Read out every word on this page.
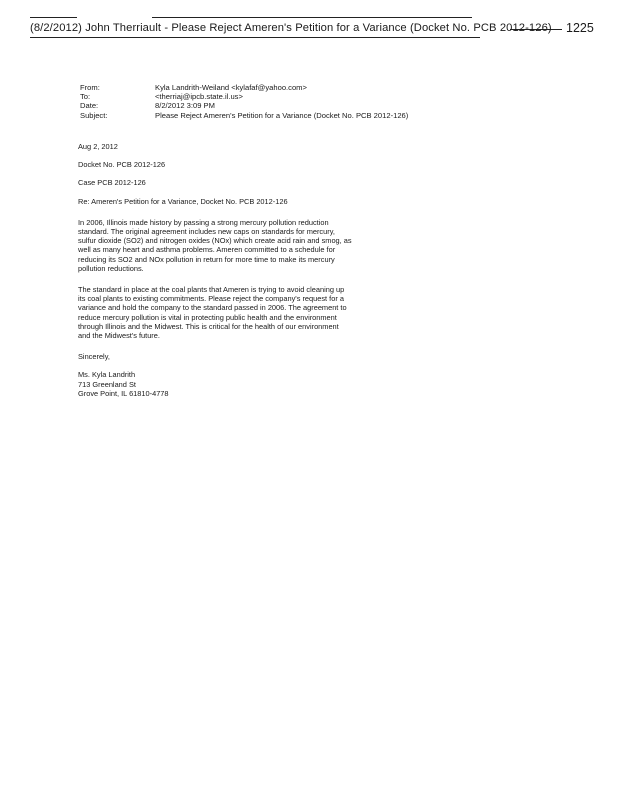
(8/2/2012) John Therriault - Please Reject Ameren's Petition for a Variance (Docket No. PCB 2012-126) 1225
From:	Kyla Landrith-Weiland <kylafaf@yahoo.com>
To:	<therriaj@ipcb.state.il.us>
Date:	8/2/2012 3:09 PM
Subject:	Please Reject Ameren's Petition for a Variance (Docket No. PCB 2012-126)

Aug 2, 2012

Docket No. PCB 2012-126

Case PCB 2012-126

Re: Ameren's Petition for a Variance, Docket No. PCB 2012-126

In 2006, Illinois made history by passing a strong mercury pollution reduction standard. The original agreement includes new caps on standards for mercury, sulfur dioxide (SO2) and nitrogen oxides (NOx) which create acid rain and smog, as well as many heart and asthma problems. Ameren committed to a schedule for reducing its SO2 and NOx pollution in return for more time to make its mercury pollution reductions.

The standard in place at the coal plants that Ameren is trying to avoid cleaning up its coal plants to existing commitments. Please reject the company's request for a variance and hold the company to the standard passed in 2006. The agreement to reduce mercury pollution is vital in protecting public health and the environment through Illinois and the Midwest. This is critical for the health of our environment and the Midwest's future.

Sincerely,

Ms. Kyla Landrith

713 Greenland St

Grove Point, IL 61810-4778
